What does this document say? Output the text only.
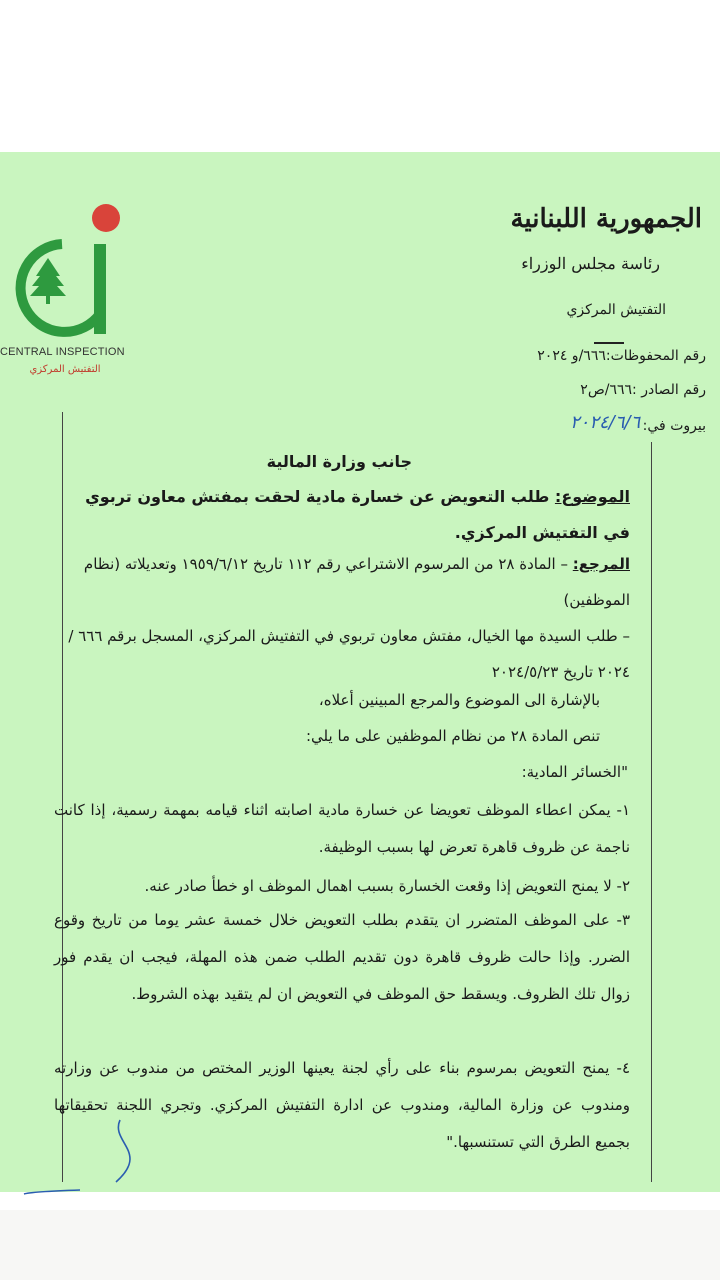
CENTRAL INSPECTION
التفتيش المركزي
الجمهورية اللبنانية
رئاسة مجلس الوزراء
التفتيش المركزي
رقم المحفوظات:٦٦٦/و ٢٠٢٤
رقم الصادر :٦٦٦/ص٢
بيروت في:
٢٠٢٤/٦/٦
جانب وزارة المالية
الموضوع: طلب التعويض عن خسارة مادية لحقت بمفتش معاون تربوي في التفتيش المركزي.
المرجع: – المادة ٢٨ من المرسوم الاشتراعي رقم ١١٢ تاريخ ١٩٥٩/٦/١٢ وتعديلاته (نظام الموظفين)
– طلب السيدة مها الخيال، مفتش معاون تربوي في التفتيش المركزي، المسجل برقم ٦٦٦ /٢٠٢٤ تاريخ ٢٠٢٤/٥/٢٣
بالإشارة الى الموضوع والمرجع المبينين أعلاه،
تنص المادة ٢٨ من نظام الموظفين على ما يلي:
"الخسائر المادية:
١- يمكن اعطاء الموظف تعويضا عن خسارة مادية اصابته اثناء قيامه بمهمة رسمية، إذا كانت ناجمة عن ظروف قاهرة تعرض لها بسبب الوظيفة.
٢- لا يمنح التعويض إذا وقعت الخسارة بسبب اهمال الموظف او خطأ صادر عنه.
٣- على الموظف المتضرر ان يتقدم بطلب التعويض خلال خمسة عشر يوما من تاريخ وقوع الضرر. وإذا حالت ظروف قاهرة دون تقديم الطلب ضمن هذه المهلة، فيجب ان يقدم فور زوال تلك الظروف. ويسقط حق الموظف في التعويض ان لم يتقيد بهذه الشروط.
٤- يمنح التعويض بمرسوم بناء على رأي لجنة يعينها الوزير المختص من مندوب عن وزارته ومندوب عن وزارة المالية، ومندوب عن ادارة التفتيش المركزي. وتجري اللجنة تحقيقاتها بجميع الطرق التي تستنسبها."
